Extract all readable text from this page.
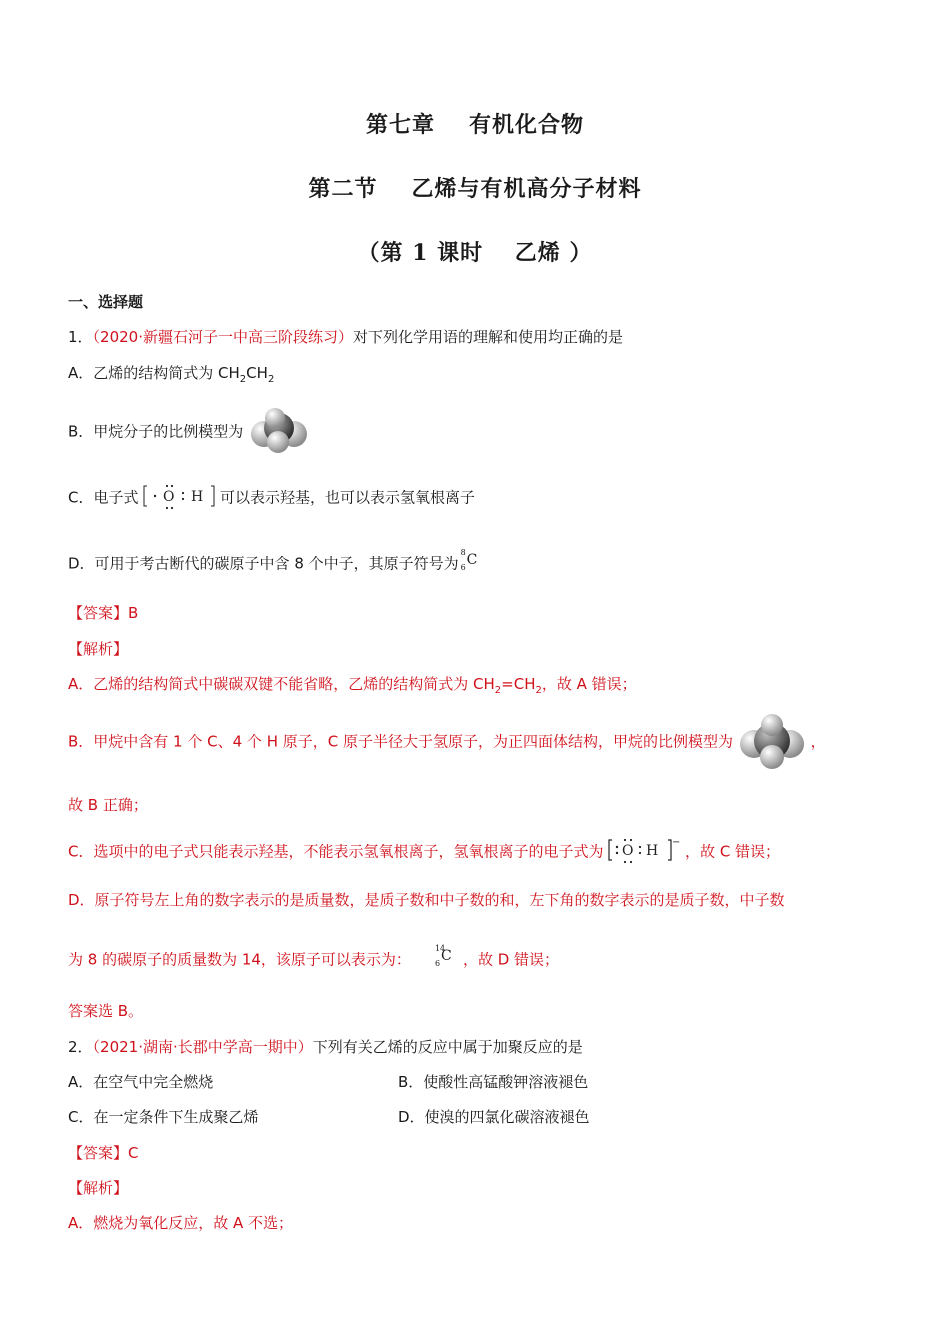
第七章 有机化合物
第二节 乙烯与有机高分子材料
（第 1 课时　 乙烯 ）
一、选择题
1．（2020·新疆石河子一中高三阶段练习）对下列化学用语的理解和使用均正确的是
A．乙烯的结构简式为 $CH_2CH_2$
B．甲烷分子的比例模型为
C．电子式 O H 可以表示羟基，也可以表示氢氧根离子
D．可用于考古断代的碳原子中含 8 个中子，其原子符号为
8
6 C
【答案】B
【解析】
A．乙烯的结构简式中碳碳双键不能省略，乙烯的结构简式为 $CH_2=CH_2$，故 A 错误；
B．甲烷中含有 1 个 C、4 个 H 原子，C 原子半径大于氢原子，为正四面体结构，甲烷的比例模型为	，
故 B 正确；
C．选项中的电子式只能表示羟基，不能表示氢氧根离子，氢氧根离子的电子式为 O H
− ，故 C 错误；
D．原子符号左上角的数字表示的是质量数，是质子数和中子数的和，左下角的数字表示的是质子数，中子数
为 8 的碳原子的质量数为 14，该原子可以表示为：
14
6 C ，故 D 错误；
答案选 B。
2．（2021·湖南·长郡中学高一期中）下列有关乙烯的反应中属于加聚反应的是
A．在空气中完全燃烧	B．使酸性高锰酸钾溶液褪色
C．在一定条件下生成聚乙烯	D．使溴的四氯化碳溶液褪色
【答案】C
【解析】
A．燃烧为氧化反应，故 A 不选；
